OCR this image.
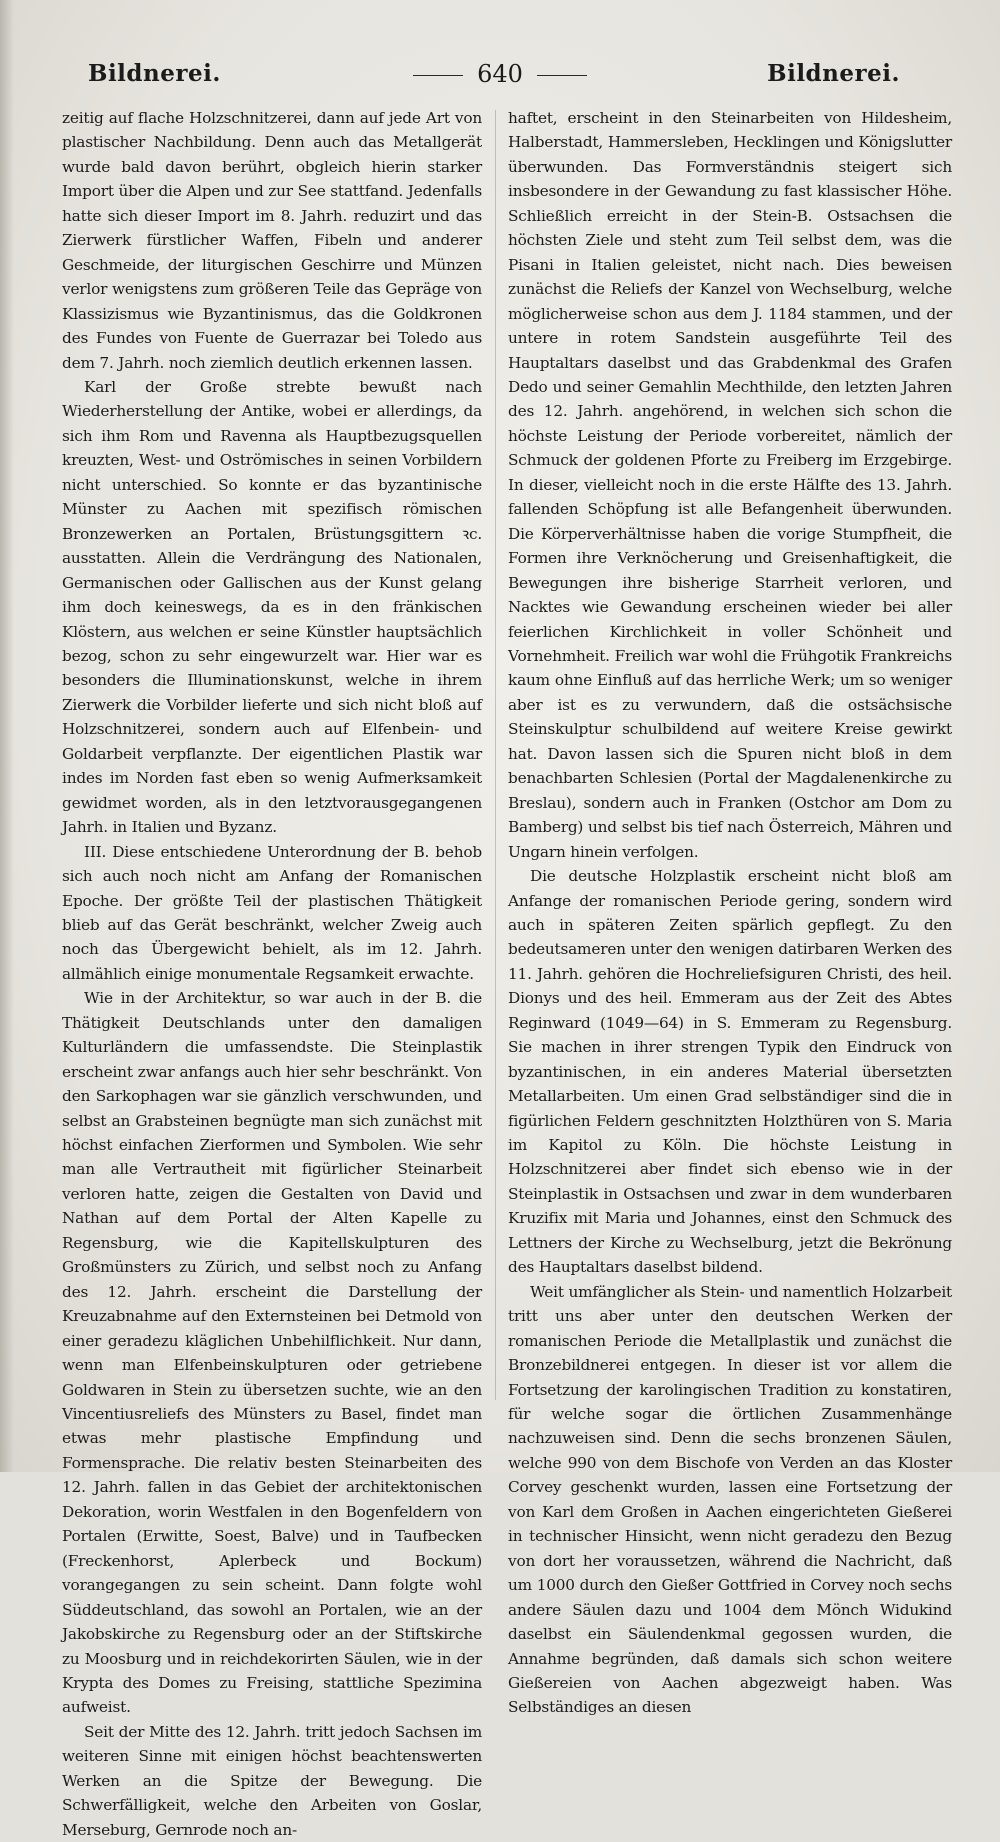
Bildnerei.	640	Bildnerei.

zeitig auf flache Holzschnitzerei, dann auf jede Art von plastischer Nachbildung. Denn auch das Metallgerät wurde bald davon berührt, obgleich hierin starker Import über die Alpen und zur See stattfand. Jedenfalls hatte sich dieser Import im 8. Jahrh. reduzirt und das Zierwerk fürstlicher Waffen, Fibeln und anderer Geschmeide, der liturgischen Geschirre und Münzen verlor wenigstens zum größeren Teile das Gepräge von Klassizismus wie Byzantinismus, das die Goldkronen des Fundes von Fuente de Guerrazar bei Toledo aus dem 7. Jahrh. noch ziemlich deutlich erkennen lassen.

Karl der Große strebte bewußt nach Wiederherstellung der Antike, wobei er allerdings, da sich ihm Rom und Ravenna als Hauptbezugsquellen kreuzten, West- und Oströmisches in seinen Vorbildern nicht unterschied. So konnte er das byzantinische Münster zu Aachen mit spezifisch römischen Bronzewerken an Portalen, Brüstungsgittern ꝛc. ausstatten. Allein die Verdrängung des Nationalen, Germanischen oder Gallischen aus der Kunst gelang ihm doch keineswegs, da es in den fränkischen Klöstern, aus welchen er seine Künstler hauptsächlich bezog, schon zu sehr eingewurzelt war. Hier war es besonders die Illuminationskunst, welche in ihrem Zierwerk die Vorbilder lieferte und sich nicht bloß auf Holzschnitzerei, sondern auch auf Elfenbein- und Goldarbeit verpflanzte. Der eigentlichen Plastik war indes im Norden fast eben so wenig Aufmerksamkeit gewidmet worden, als in den letztvorausgegangenen Jahrh. in Italien und Byzanz.

III. Diese entschiedene Unterordnung der B. behob sich auch noch nicht am Anfang der Romanischen Epoche. Der größte Teil der plastischen Thätigkeit blieb auf das Gerät beschränkt, welcher Zweig auch noch das Übergewicht behielt, als im 12. Jahrh. allmählich einige monumentale Regsamkeit erwachte.

Wie in der Architektur, so war auch in der B. die Thätigkeit Deutschlands unter den damaligen Kulturländern die umfassendste. Die Steinplastik erscheint zwar anfangs auch hier sehr beschränkt. Von den Sarkophagen war sie gänzlich verschwunden, und selbst an Grabsteinen begnügte man sich zunächst mit höchst einfachen Zierformen und Symbolen. Wie sehr man alle Vertrautheit mit figürlicher Steinarbeit verloren hatte, zeigen die Gestalten von David und Nathan auf dem Portal der Alten Kapelle zu Regensburg, wie die Kapitellskulpturen des Großmünsters zu Zürich, und selbst noch zu Anfang des 12. Jahrh. erscheint die Darstellung der Kreuzabnahme auf den Externsteinen bei Detmold von einer geradezu kläglichen Unbehilflichkeit. Nur dann, wenn man Elfenbeinskulpturen oder getriebene Goldwaren in Stein zu übersetzen suchte, wie an den Vincentiusreliefs des Münsters zu Basel, findet man etwas mehr plastische Empfindung und Formensprache. Die relativ besten Steinarbeiten des 12. Jahrh. fallen in das Gebiet der architektonischen Dekoration, worin Westfalen in den Bogenfeldern von Portalen (Erwitte, Soest, Balve) und in Taufbecken (Freckenhorst, Aplerbeck und Bockum) vorangegangen zu sein scheint. Dann folgte wohl Süddeutschland, das sowohl an Portalen, wie an der Jakobskirche zu Regensburg oder an der Stiftskirche zu Moosburg und in reichdekorirten Säulen, wie in der Krypta des Domes zu Freising, stattliche Spezimina aufweist.

Seit der Mitte des 12. Jahrh. tritt jedoch Sachsen im weiteren Sinne mit einigen höchst beachtenswerten Werken an die Spitze der Bewegung. Die Schwerfälligkeit, welche den Arbeiten von Goslar, Merseburg, Gernrode noch an-

haftet, erscheint in den Steinarbeiten von Hildesheim, Halberstadt, Hammersleben, Hecklingen und Königslutter überwunden. Das Formverständnis steigert sich insbesondere in der Gewandung zu fast klassischer Höhe. Schließlich erreicht in der Stein-B. Ostsachsen die höchsten Ziele und steht zum Teil selbst dem, was die Pisani in Italien geleistet, nicht nach. Dies beweisen zunächst die Reliefs der Kanzel von Wechselburg, welche möglicherweise schon aus dem J. 1184 stammen, und der untere in rotem Sandstein ausgeführte Teil des Hauptaltars daselbst und das Grabdenkmal des Grafen Dedo und seiner Gemahlin Mechthilde, den letzten Jahren des 12. Jahrh. angehörend, in welchen sich schon die höchste Leistung der Periode vorbereitet, nämlich der Schmuck der goldenen Pforte zu Freiberg im Erzgebirge. In dieser, vielleicht noch in die erste Hälfte des 13. Jahrh. fallenden Schöpfung ist alle Befangenheit überwunden. Die Körperverhältnisse haben die vorige Stumpfheit, die Formen ihre Verknöcherung und Greisenhaftigkeit, die Bewegungen ihre bisherige Starrheit verloren, und Nacktes wie Gewandung erscheinen wieder bei aller feierlichen Kirchlichkeit in voller Schönheit und Vornehmheit. Freilich war wohl die Frühgotik Frankreichs kaum ohne Einfluß auf das herrliche Werk; um so weniger aber ist es zu verwundern, daß die ostsächsische Steinskulptur schulbildend auf weitere Kreise gewirkt hat. Davon lassen sich die Spuren nicht bloß in dem benachbarten Schlesien (Portal der Magdalenenkirche zu Breslau), sondern auch in Franken (Ostchor am Dom zu Bamberg) und selbst bis tief nach Österreich, Mähren und Ungarn hinein verfolgen.

Die deutsche Holzplastik erscheint nicht bloß am Anfange der romanischen Periode gering, sondern wird auch in späteren Zeiten spärlich gepflegt. Zu den bedeutsameren unter den wenigen datirbaren Werken des 11. Jahrh. gehören die Hochreliefsiguren Christi, des heil. Dionys und des heil. Emmeram aus der Zeit des Abtes Reginward (1049—64) in S. Emmeram zu Regensburg. Sie machen in ihrer strengen Typik den Eindruck von byzantinischen, in ein anderes Material übersetzten Metallarbeiten. Um einen Grad selbständiger sind die in figürlichen Feldern geschnitzten Holzthüren von S. Maria im Kapitol zu Köln. Die höchste Leistung in Holzschnitzerei aber findet sich ebenso wie in der Steinplastik in Ostsachsen und zwar in dem wunderbaren Kruzifix mit Maria und Johannes, einst den Schmuck des Lettners der Kirche zu Wechselburg, jetzt die Bekrönung des Hauptaltars daselbst bildend.

Weit umfänglicher als Stein- und namentlich Holzarbeit tritt uns aber unter den deutschen Werken der romanischen Periode die Metallplastik und zunächst die Bronzebildnerei entgegen. In dieser ist vor allem die Fortsetzung der karolingischen Tradition zu konstatiren, für welche sogar die örtlichen Zusammenhänge nachzuweisen sind. Denn die sechs bronzenen Säulen, welche 990 von dem Bischofe von Verden an das Kloster Corvey geschenkt wurden, lassen eine Fortsetzung der von Karl dem Großen in Aachen eingerichteten Gießerei in technischer Hinsicht, wenn nicht geradezu den Bezug von dort her voraussetzen, während die Nachricht, daß um 1000 durch den Gießer Gottfried in Corvey noch sechs andere Säulen dazu und 1004 dem Mönch Widukind daselbst ein Säulendenkmal gegossen wurden, die Annahme begründen, daß damals sich schon weitere Gießereien von Aachen abgezweigt haben. Was Selbständiges an diesen
